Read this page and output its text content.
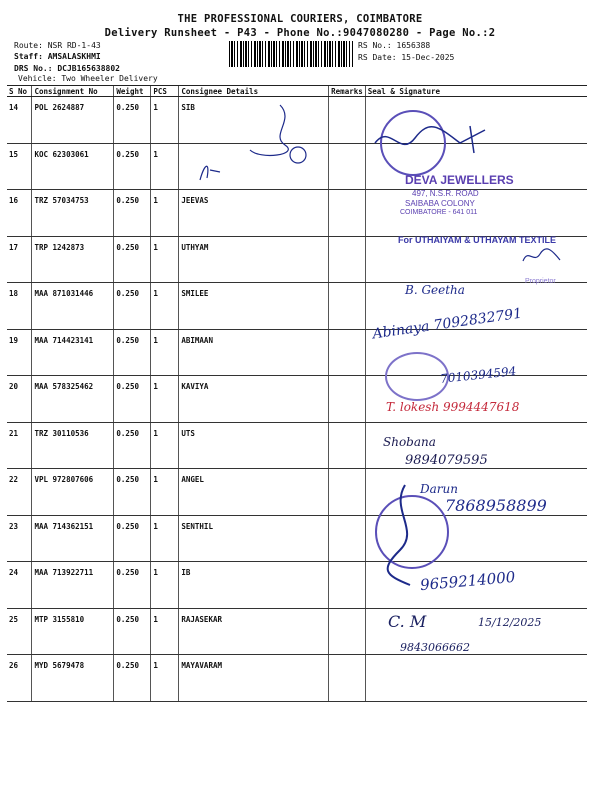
THE PROFESSIONAL COURIERS, COIMBATORE
Delivery Runsheet - P43 - Phone No.:9047080280 - Page No.:2
Route: NSR RD-1-43
Staff: AMSALASKHMI
DRS No.: DCJB165638802
Vehicle: Two Wheeler Delivery
RS No.: 1656388
RS Date: 15-Dec-2025
S No	Consignment No	Weight	PCS	Consignee Details	Remarks	Seal & Signature
14	POL 2624887	0.250	1	SIB		
15	KOC 62303061	0.250	1			
16	TRZ 57034753	0.250	1	JEEVAS		
17	TRP 1242873	0.250	1	UTHYAM		
18	MAA 871031446	0.250	1	SMILEE		
19	MAA 714423141	0.250	1	ABIMAAN		
20	MAA 578325462	0.250	1	KAVIYA		
21	TRZ 30110536	0.250	1	UTS		
22	VPL 972807606	0.250	1	ANGEL		
23	MAA 714362151	0.250	1	SENTHIL		
24	MAA 713922711	0.250	1	IB		
25	MTP 3155810	0.250	1	RAJASEKAR		
26	MYD 5679478	0.250	1	MAYAVARAM		
DEVA JEWELLERS
497, N.S.R. ROAD
SAIBABA COLONY
COIMBATORE - 641 011
For UTHAIYAM & UTHAYAM TEXTILE
Proprietor
B. Geetha
Abinaya 7092832791
7010394594
T. lokesh 9994447618
Shobana
9894079595
Darun
7868958899
9659214000
C. M	15/12/2025
9843066662
